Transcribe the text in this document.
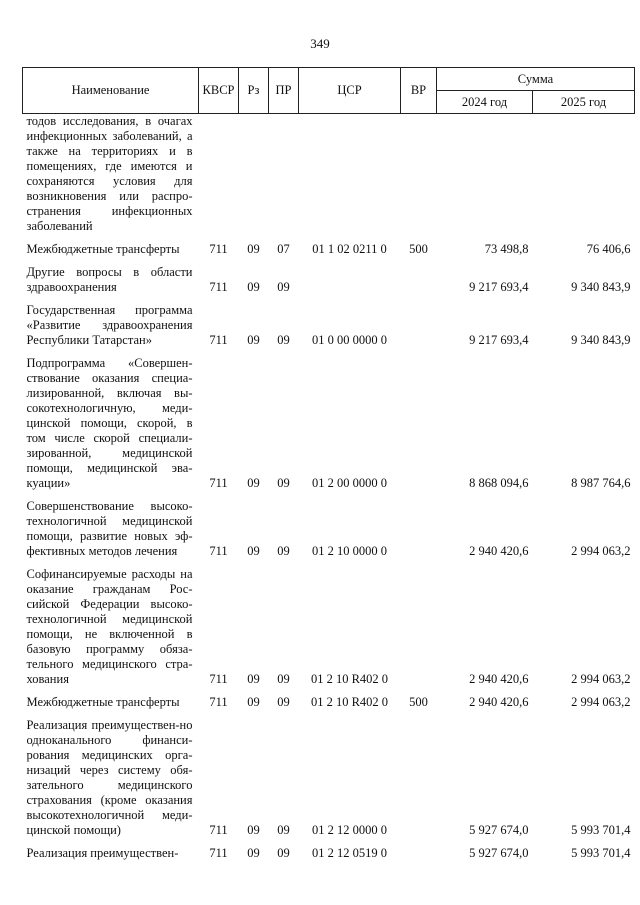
349
Наименование	КВСР	Рз	ПР	ЦСР	ВР	Сумма	
						2024 год	2025 год
тодов исследования, в очагах инфекционных заболеваний, а также на территориях и в помещениях, где имеются и сохраняются условия для возникновения или распро-странения инфекционных заболеваний							
Межбюджетные трансферты	711	09	07	01 1 02 0211 0	500	73 498,8	76 406,6
Другие вопросы в области здравоохранения	711	09	09			9 217 693,4	9 340 843,9
Государственная программа «Развитие здравоохранения Республики Татарстан»	711	09	09	01 0 00 0000 0		9 217 693,4	9 340 843,9
Подпрограмма «Совершен-ствование оказания специа-лизированной, включая вы-сокотехнологичную, меди-цинской помощи, скорой, в том числе скорой специали-зированной, медицинской помощи, медицинской эва-куации»	711	09	09	01 2 00 0000 0		8 868 094,6	8 987 764,6
Совершенствование высоко-технологичной медицинской помощи, развитие новых эф-фективных методов лечения	711	09	09	01 2 10 0000 0		2 940 420,6	2 994 063,2
Софинансируемые расходы на оказание гражданам Рос-сийской Федерации высоко-технологичной медицинской помощи, не включенной в базовую программу обяза-тельного медицинского стра-хования	711	09	09	01 2 10 R402 0		2 940 420,6	2 994 063,2
Межбюджетные трансферты	711	09	09	01 2 10 R402 0	500	2 940 420,6	2 994 063,2
Реализация преимуществен-но одноканального финанси-рования медицинских орга-низаций через систему обя-зательного медицинского страхования (кроме оказания высокотехнологичной меди-цинской помощи)	711	09	09	01 2 12 0000 0		5 927 674,0	5 993 701,4
Реализация преимуществен-	711	09	09	01 2 12 0519 0		5 927 674,0	5 993 701,4
